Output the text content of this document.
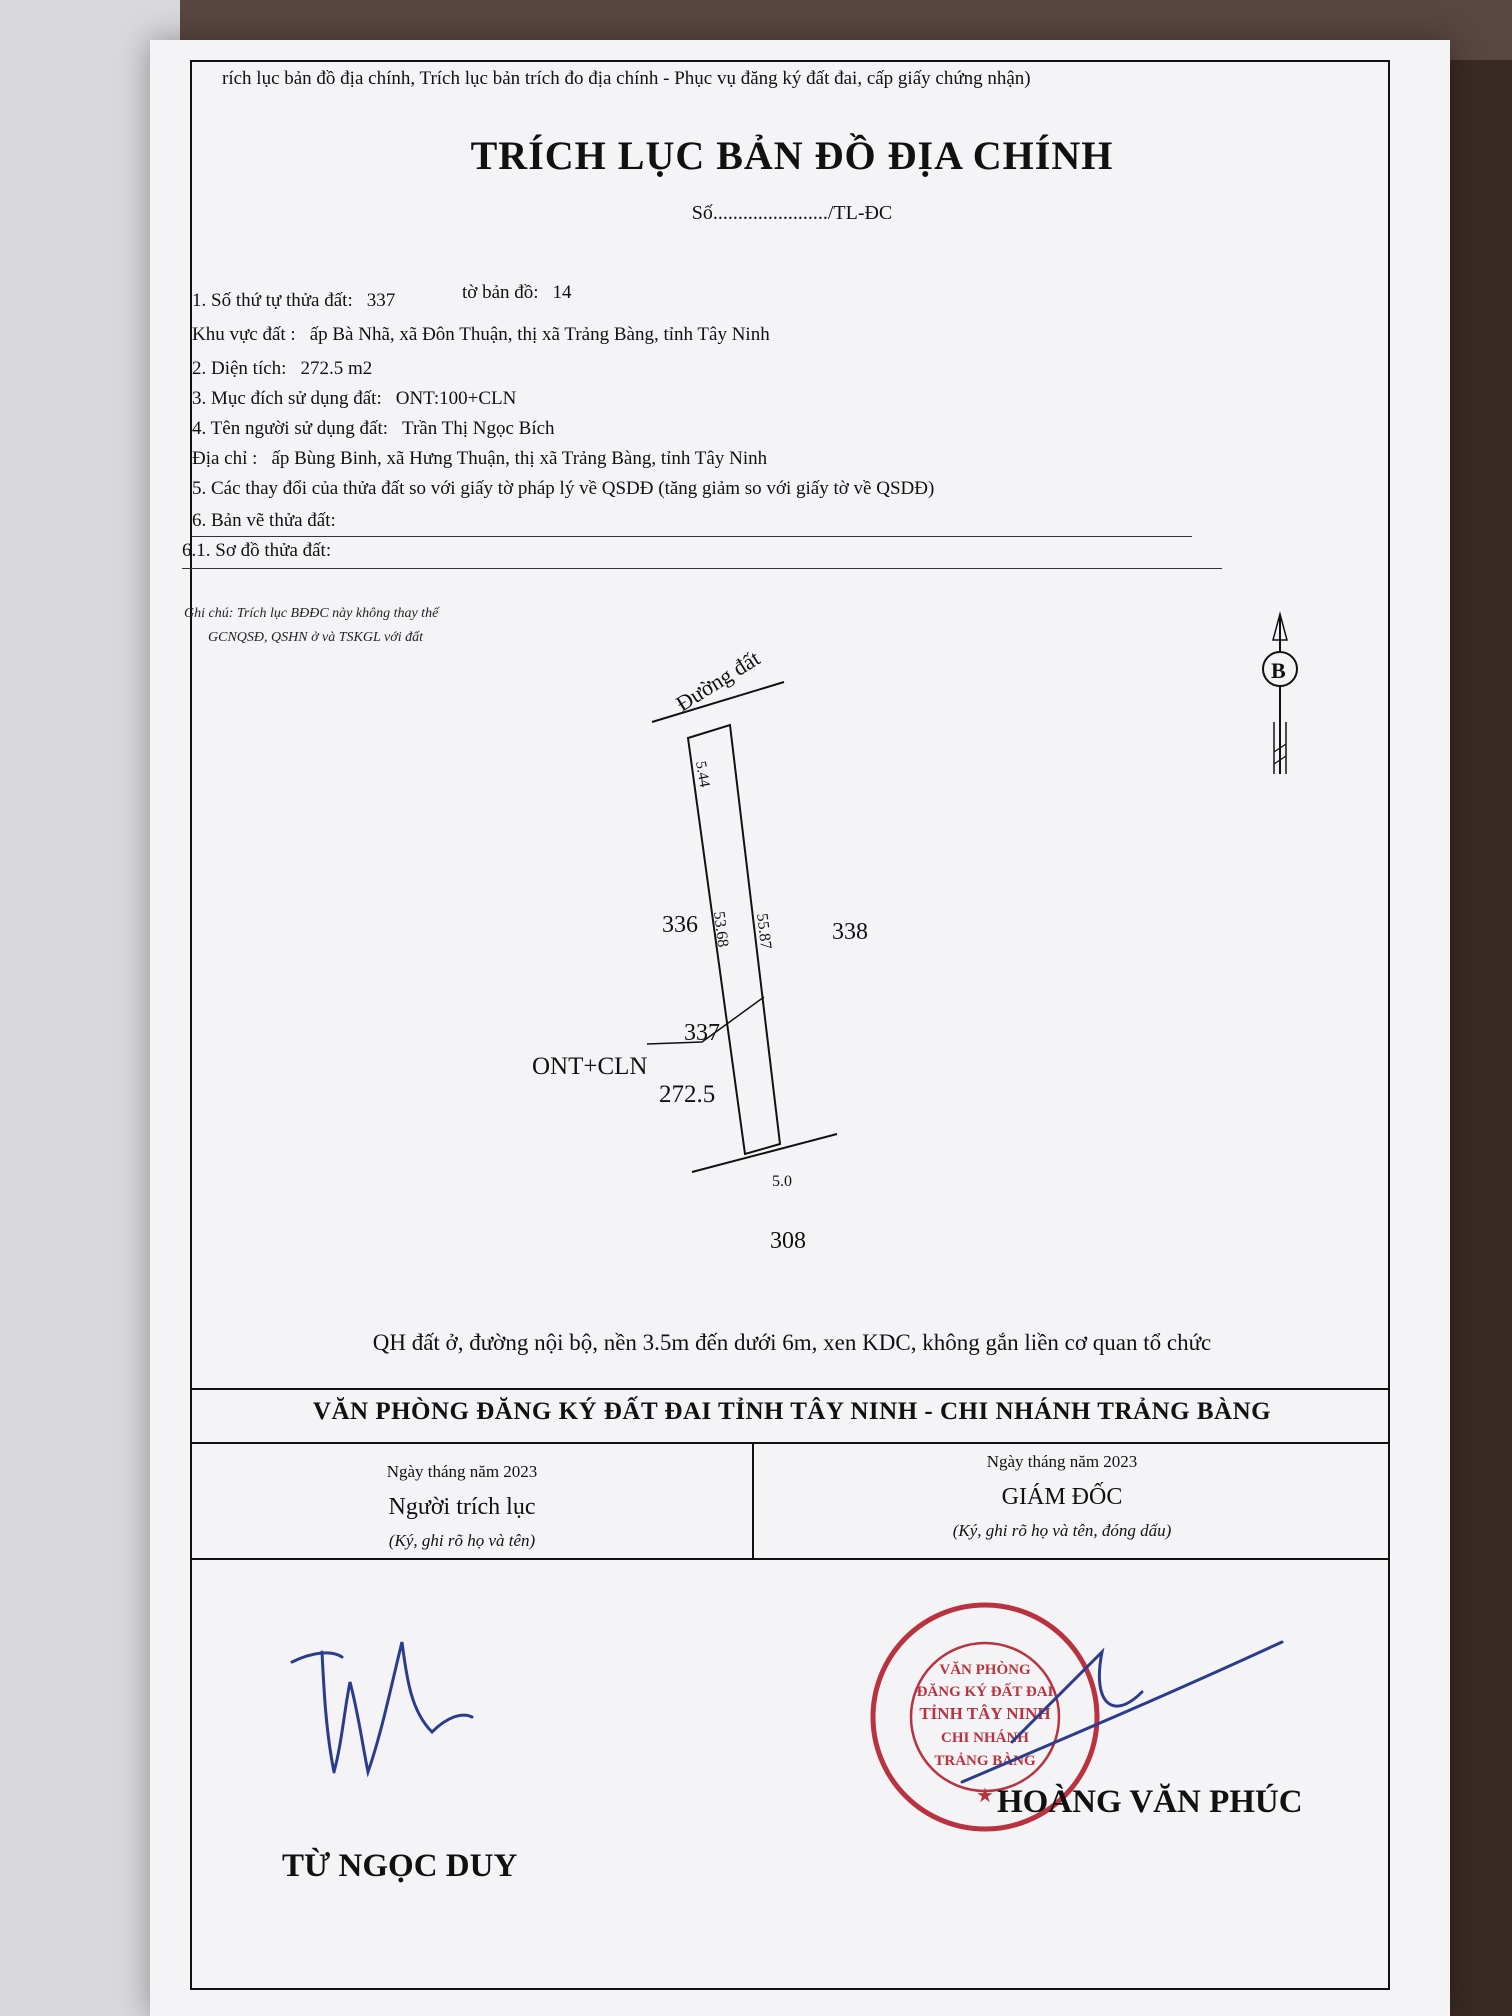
rích lục bản đồ địa chính, Trích lục bản trích đo địa chính - Phục vụ đăng ký đất đai, cấp giấy chứng nhận)
TRÍCH LỤC BẢN ĐỒ ĐỊA CHÍNH
Số......................./TL-ĐC
1. Số thứ tự thửa đất: 337	tờ bản đồ: 14
Khu vực đất : ấp Bà Nhã, xã Đôn Thuận, thị xã Trảng Bàng, tỉnh Tây Ninh
2. Diện tích: 272.5 m2
3. Mục đích sử dụng đất: ONT:100+CLN
4. Tên người sử dụng đất: Trần Thị Ngọc Bích
Địa chỉ : ấp Bùng Binh, xã Hưng Thuận, thị xã Trảng Bàng, tỉnh Tây Ninh
5. Các thay đổi của thửa đất so với giấy tờ pháp lý về QSDĐ (tăng giảm so với giấy tờ về QSDĐ)
6. Bản vẽ thửa đất:
6.1. Sơ đồ thửa đất:
Ghi chú: Trích lục BĐĐC này không thay thế
GCNQSĐ, QSHN ở và TSKGL với đất
Đường đất
5.44
53.68 55.87
5.0
336	338
308
337
ONT+CLN
272.5
B
QH đất ở, đường nội bộ, nền 3.5m đến dưới 6m, xen KDC, không gắn liền cơ quan tổ chức
VĂN PHÒNG ĐĂNG KÝ ĐẤT ĐAI TỈNH TÂY NINH - CHI NHÁNH TRẢNG BÀNG
Ngày tháng năm 2023
Người trích lục
(Ký, ghi rõ họ và tên)
Ngày tháng năm 2023
GIÁM ĐỐC
(Ký, ghi rõ họ và tên, đóng dấu)
TỪ NGỌC DUY
VĂN PHÒNG
ĐĂNG KÝ ĐẤT ĐAI
TỈNH TÂY NINH
CHI NHÁNH
TRẢNG BÀNG
★ HOÀNG VĂN PHÚC
